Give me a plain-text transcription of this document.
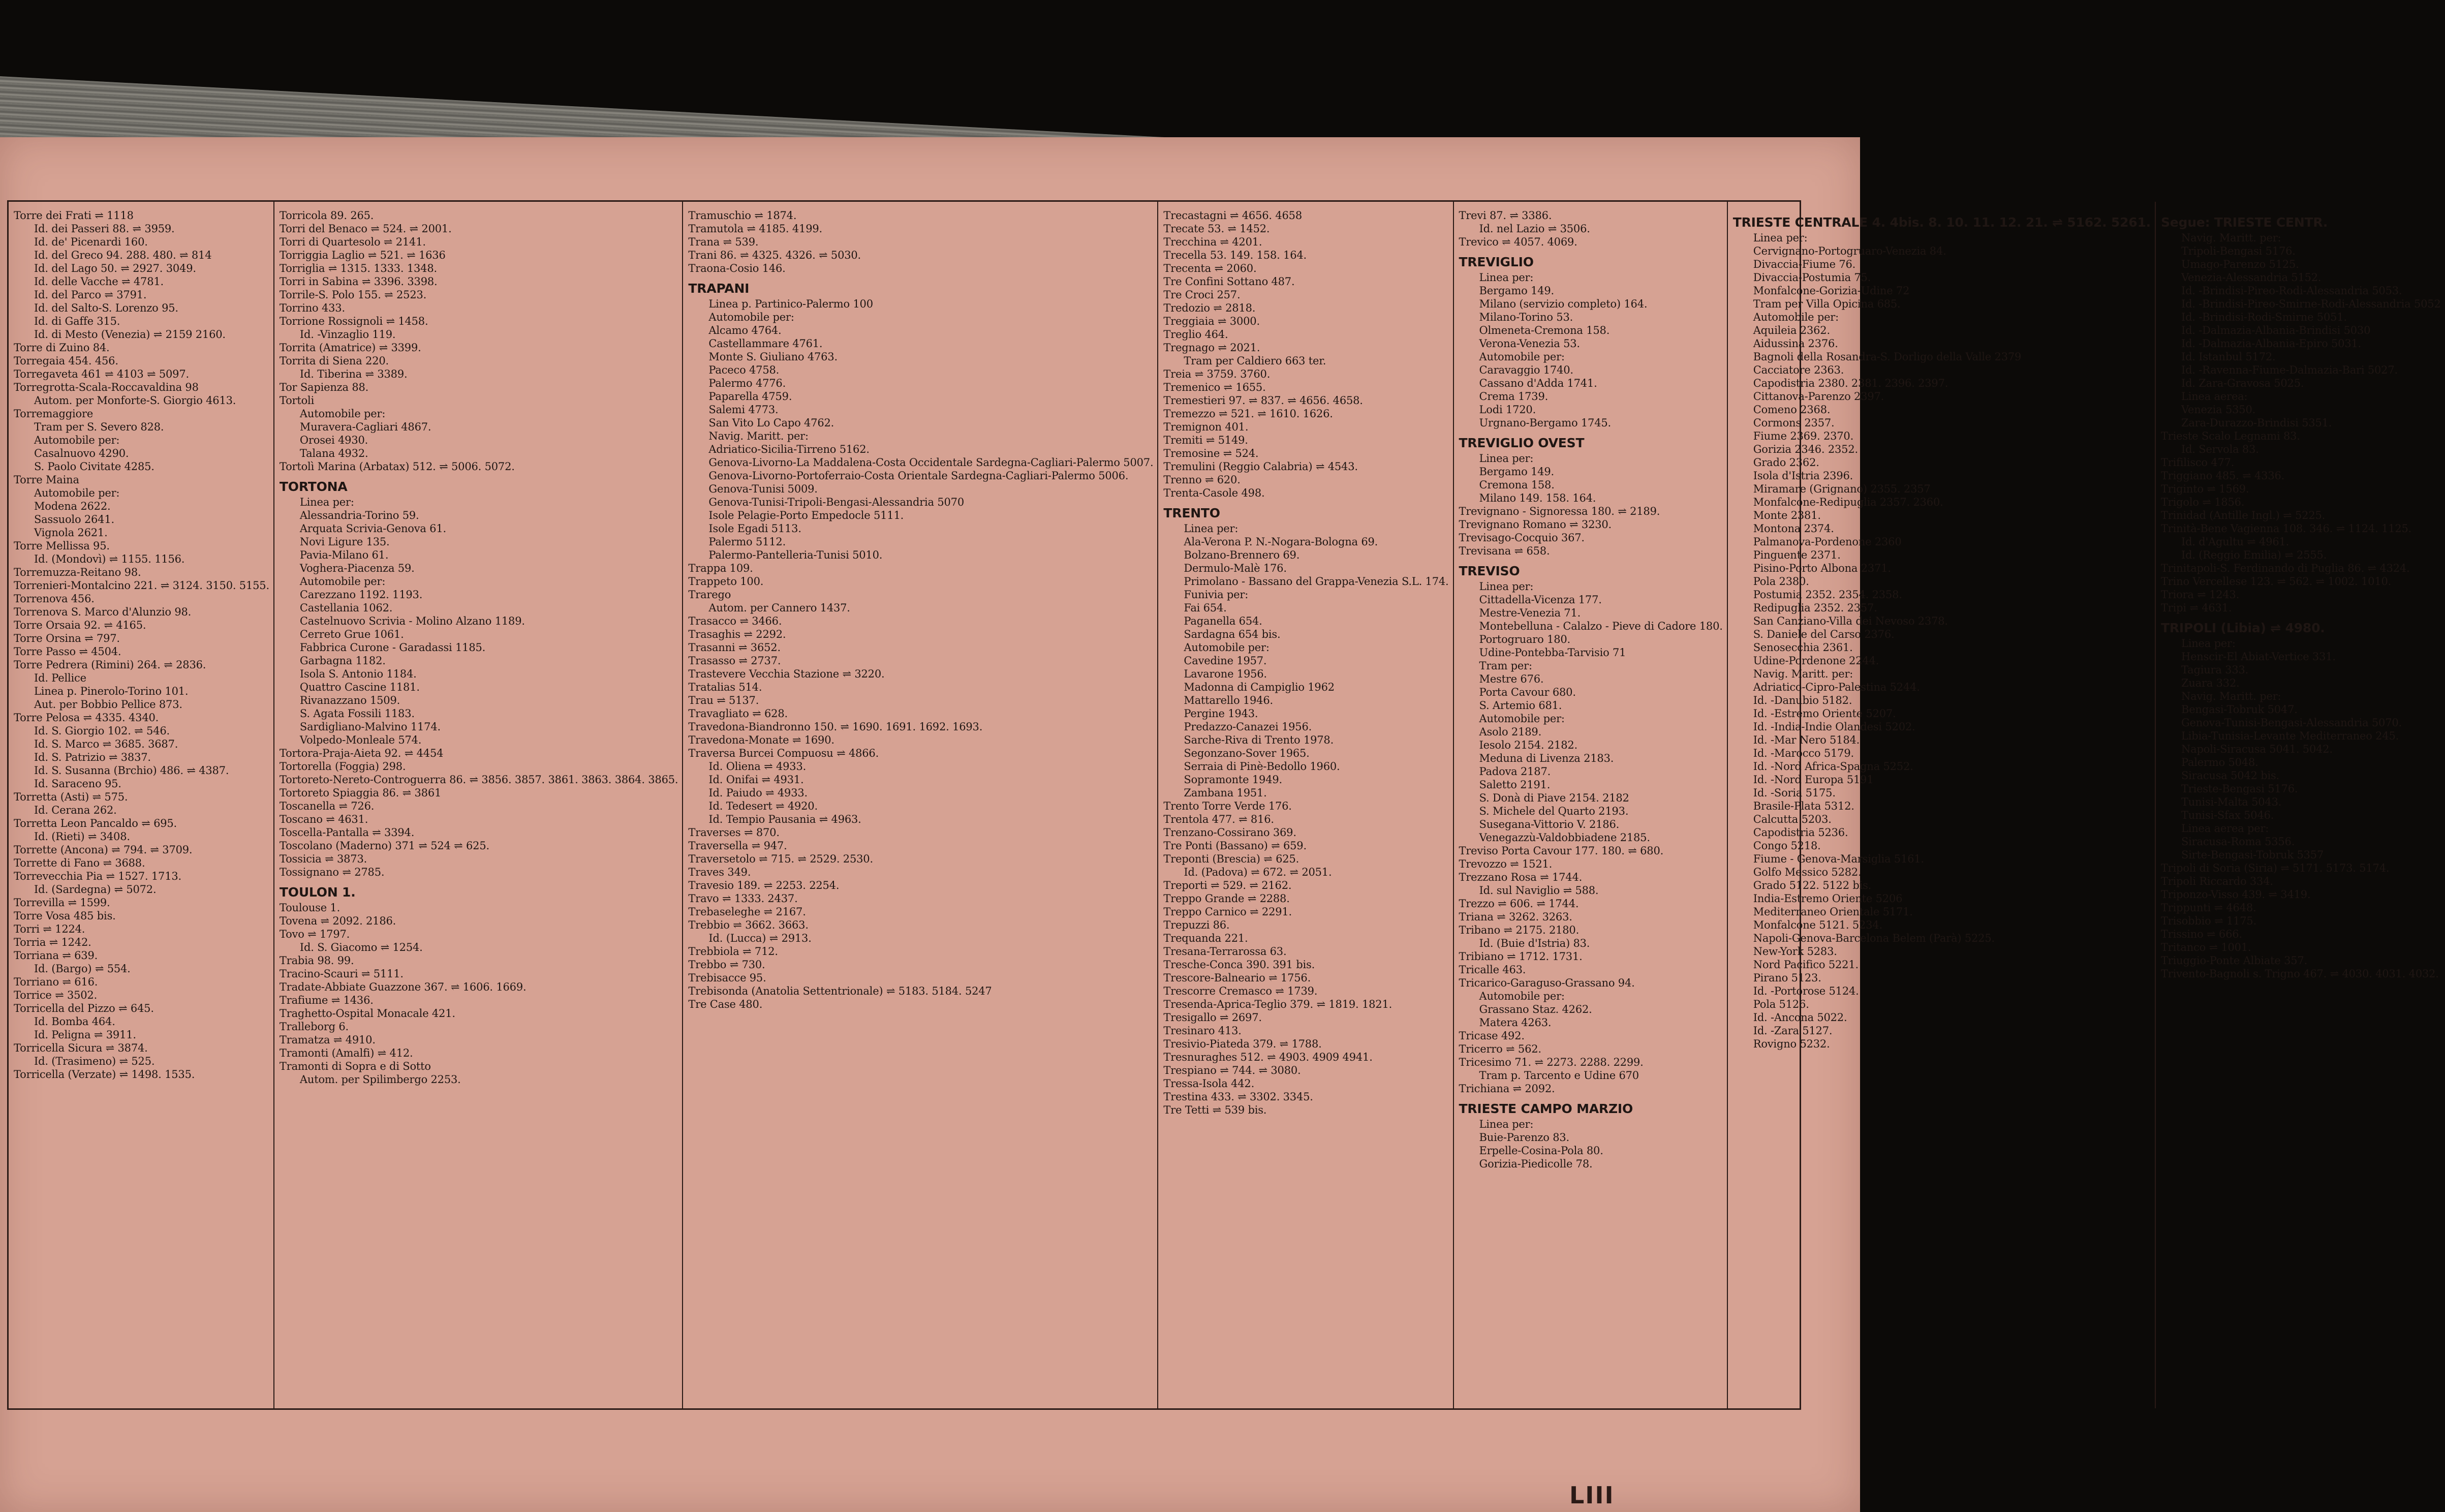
Torre dei Frati ⇌ 1118

Id. dei Passeri 88. ⇌ 3959.

Id. de' Picenardi 160.

Id. del Greco 94. 288. 480. ⇌ 814

Id. del Lago 50. ⇌ 2927. 3049.

Id. delle Vacche ⇌ 4781.

Id. del Parco ⇌ 3791.

Id. del Salto-S. Lorenzo 95.

Id. di Gaffe 315.

Id. di Mesto (Venezia) ⇌ 2159 2160.

Torre di Zuino 84.

Torregaia 454. 456.

Torregaveta 461 ⇌ 4103 ⇌ 5097.

Torregrotta-Scala-Roccavaldina 98

Autom. per Monforte-S. Giorgio 4613.

Torremaggiore

Tram per S. Severo 828.

Automobile per:

Casalnuovo 4290.

S. Paolo Civitate 4285.

Torre Maina

Automobile per:

Modena 2622.

Sassuolo 2641.

Vignola 2621.

Torre Mellissa 95.

Id. (Mondovì) ⇌ 1155. 1156.

Torremuzza-Reitano 98.

Torrenieri-Montalcino 221. ⇌ 3124. 3150. 5155.

Torrenova 456.

Torrenova S. Marco d'Alunzio 98.

Torre Orsaia 92. ⇌ 4165.

Torre Orsina ⇌ 797.

Torre Passo ⇌ 4504.

Torre Pedrera (Rimini) 264. ⇌ 2836.

Id. Pellice

Linea p. Pinerolo-Torino 101.

Aut. per Bobbio Pellice 873.

Torre Pelosa ⇌ 4335. 4340.

Id. S. Giorgio 102. ⇌ 546.

Id. S. Marco ⇌ 3685. 3687.

Id. S. Patrizio ⇌ 3837.

Id. S. Susanna (Brchio) 486. ⇌ 4387.

Id. Saraceno 95.

Torretta (Asti) ⇌ 575.

Id. Cerana 262.

Torretta Leon Pancaldo ⇌ 695.

Id. (Rieti) ⇌ 3408.

Torrette (Ancona) ⇌ 794. ⇌ 3709.

Torrette di Fano ⇌ 3688.

Torrevecchia Pia ⇌ 1527. 1713.

Id. (Sardegna) ⇌ 5072.

Torrevilla ⇌ 1599.

Torre Vosa 485 bis.

Torri ⇌ 1224.

Torria ⇌ 1242.

Torriana ⇌ 639.

Id. (Bargo) ⇌ 554.

Torriano ⇌ 616.

Torrice ⇌ 3502.

Torricella del Pizzo ⇌ 645.

Id. Bomba 464.

Id. Peligna ⇌ 3911.

Torricella Sicura ⇌ 3874.

Id. (Trasimeno) ⇌ 525.

Torricella (Verzate) ⇌ 1498. 1535.

Torricola 89. 265.

Torri del Benaco ⇌ 524. ⇌ 2001.

Torri di Quartesolo ⇌ 2141.

Torriggia Laglio ⇌ 521. ⇌ 1636

Torriglia ⇌ 1315. 1333. 1348.

Torri in Sabina ⇌ 3396. 3398.

Torrile-S. Polo 155. ⇌ 2523.

Torrino 433.

Torrione Rossignoli ⇌ 1458.

Id. -Vinzaglio 119.

Torrita (Amatrice) ⇌ 3399.

Torrita di Siena 220.

Id. Tiberina ⇌ 3389.

Tor Sapienza 88.

Tortoli

Automobile per:

Muravera-Cagliari 4867.

Orosei 4930.

Talana 4932.

Tortolì Marina (Arbatax) 512. ⇌ 5006. 5072.

TORTONA

Linea per:

Alessandria-Torino 59.

Arquata Scrivia-Genova 61.

Novi Ligure 135.

Pavia-Milano 61.

Voghera-Piacenza 59.

Automobile per:

Carezzano 1192. 1193.

Castellania 1062.

Castelnuovo Scrivia - Molino Alzano 1189.

Cerreto Grue 1061.

Fabbrica Curone - Garadassi 1185.

Garbagna 1182.

Isola S. Antonio 1184.

Quattro Cascine 1181.

Rivanazzano 1509.

S. Agata Fossili 1183.

Sardigliano-Malvino 1174.

Volpedo-Monleale 574.

Tortora-Praja-Aieta 92. ⇌ 4454

Tortorella (Foggia) 298.

Tortoreto-Nereto-Controguerra 86. ⇌ 3856. 3857. 3861. 3863. 3864. 3865.

Tortoreto Spiaggia 86. ⇌ 3861

Toscanella ⇌ 726.

Toscano ⇌ 4631.

Toscella-Pantalla ⇌ 3394.

Toscolano (Maderno) 371 ⇌ 524 ⇌ 625.

Tossicia ⇌ 3873.

Tossignano ⇌ 2785.

TOULON 1.

Toulouse 1.

Tovena ⇌ 2092. 2186.

Tovo ⇌ 1797.

Id. S. Giacomo ⇌ 1254.

Trabia 98. 99.

Tracino-Scauri ⇌ 5111.

Tradate-Abbiate Guazzone 367. ⇌ 1606. 1669.

Trafiume ⇌ 1436.

Traghetto-Ospital Monacale 421.

Tralleborg 6.

Tramatza ⇌ 4910.

Tramonti (Amalfi) ⇌ 412.

Tramonti di Sopra e di Sotto

Autom. per Spilimbergo 2253.

Tramuschio ⇌ 1874.

Tramutola ⇌ 4185. 4199.

Trana ⇌ 539.

Trani 86. ⇌ 4325. 4326. ⇌ 5030.

Traona-Cosio 146.

TRAPANI

Linea p. Partinico-Palermo 100

Automobile per:

Alcamo 4764.

Castellammare 4761.

Monte S. Giuliano 4763.

Paceco 4758.

Palermo 4776.

Paparella 4759.

Salemi 4773.

San Vito Lo Capo 4762.

Navig. Maritt. per:

Adriatico-Sicilia-Tirreno 5162.

Genova-Livorno-La Maddalena-Costa Occidentale Sardegna-Cagliari-Palermo 5007.

Genova-Livorno-Portoferraio-Costa Orientale Sardegna-Cagliari-Palermo 5006.

Genova-Tunisi 5009.

Genova-Tunisi-Tripoli-Bengasi-Alessandria 5070

Isole Pelagie-Porto Empedocle 5111.

Isole Egadi 5113.

Palermo 5112.

Palermo-Pantelleria-Tunisi 5010.

Trappa 109.

Trappeto 100.

Trarego

Autom. per Cannero 1437.

Trasacco ⇌ 3466.

Trasaghis ⇌ 2292.

Trasanni ⇌ 3652.

Trasasso ⇌ 2737.

Trastevere Vecchia Stazione ⇌ 3220.

Tratalias 514.

Trau ⇌ 5137.

Travagliato ⇌ 628.

Travedona-Biandronno 150. ⇌ 1690. 1691. 1692. 1693.

Travedona-Monate ⇌ 1690.

Traversa Burcei Compuosu ⇌ 4866.

Id. Oliena ⇌ 4933.

Id. Onifai ⇌ 4931.

Id. Paiudo ⇌ 4933.

Id. Tedesert ⇌ 4920.

Id. Tempio Pausania ⇌ 4963.

Traverses ⇌ 870.

Traversella ⇌ 947.

Traversetolo ⇌ 715. ⇌ 2529. 2530.

Traves 349.

Travesio 189. ⇌ 2253. 2254.

Travo ⇌ 1333. 2437.

Trebaseleghe ⇌ 2167.

Trebbio ⇌ 3662. 3663.

Id. (Lucca) ⇌ 2913.

Trebbiola ⇌ 712.

Trebbo ⇌ 730.

Trebisacce 95.

Trebisonda (Anatolia Settentrionale) ⇌ 5183. 5184. 5247

Tre Case 480.

Trecastagni ⇌ 4656. 4658

Trecate 53. ⇌ 1452.

Trecchina ⇌ 4201.

Trecella 53. 149. 158. 164.

Trecenta ⇌ 2060.

Tre Confini Sottano 487.

Tre Croci 257.

Tredozio ⇌ 2818.

Treggiaia ⇌ 3000.

Treglio 464.

Tregnago ⇌ 2021.

Tram per Caldiero 663 ter.

Treia ⇌ 3759. 3760.

Tremenico ⇌ 1655.

Tremestieri 97. ⇌ 837. ⇌ 4656. 4658.

Tremezzo ⇌ 521. ⇌ 1610. 1626.

Tremignon 401.

Tremiti ⇌ 5149.

Tremosine ⇌ 524.

Tremulini (Reggio Calabria) ⇌ 4543.

Trenno ⇌ 620.

Trenta-Casole 498.

TRENTO

Linea per:

Ala-Verona P. N.-Nogara-Bologna 69.

Bolzano-Brennero 69.

Dermulo-Malè 176.

Primolano - Bassano del Grappa-Venezia S.L. 174.

Funivia per:

Fai 654.

Paganella 654.

Sardagna 654 bis.

Automobile per:

Cavedine 1957.

Lavarone 1956.

Madonna di Campiglio 1962

Mattarello 1946.

Pergine 1943.

Predazzo-Canazei 1956.

Sarche-Riva di Trento 1978.

Segonzano-Sover 1965.

Serraia di Pinè-Bedollo 1960.

Sopramonte 1949.

Zambana 1951.

Trento Torre Verde 176.

Trentola 477. ⇌ 816.

Trenzano-Cossirano 369.

Tre Ponti (Bassano) ⇌ 659.

Treponti (Brescia) ⇌ 625.

Id. (Padova) ⇌ 672. ⇌ 2051.

Treporti ⇌ 529. ⇌ 2162.

Treppo Grande ⇌ 2288.

Treppo Carnico ⇌ 2291.

Trepuzzi 86.

Trequanda 221.

Tresana-Terrarossa 63.

Tresche-Conca 390. 391 bis.

Trescore-Balneario ⇌ 1756.

Trescorre Cremasco ⇌ 1739.

Tresenda-Aprica-Teglio 379. ⇌ 1819. 1821.

Tresigallo ⇌ 2697.

Tresinaro 413.

Tresivio-Piateda 379. ⇌ 1788.

Tresnuraghes 512. ⇌ 4903. 4909 4941.

Trespiano ⇌ 744. ⇌ 3080.

Tressa-Isola 442.

Trestina 433. ⇌ 3302. 3345.

Tre Tetti ⇌ 539 bis.

Trevi 87. ⇌ 3386.

Id. nel Lazio ⇌ 3506.

Trevico ⇌ 4057. 4069.

TREVIGLIO

Linea per:

Bergamo 149.

Milano (servizio completo) 164.

Milano-Torino 53.

Olmeneta-Cremona 158.

Verona-Venezia 53.

Automobile per:

Caravaggio 1740.

Cassano d'Adda 1741.

Crema 1739.

Lodi 1720.

Urgnano-Bergamo 1745.

TREVIGLIO OVEST

Linea per:

Bergamo 149.

Cremona 158.

Milano 149. 158. 164.

Trevignano - Signoressa 180. ⇌ 2189.

Trevignano Romano ⇌ 3230.

Trevisago-Cocquio 367.

Trevisana ⇌ 658.

TREVISO

Linea per:

Cittadella-Vicenza 177.

Mestre-Venezia 71.

Montebelluna - Calalzo - Pieve di Cadore 180.

Portogruaro 180.

Udine-Pontebba-Tarvisio 71

Tram per:

Mestre 676.

Porta Cavour 680.

S. Artemio 681.

Automobile per:

Asolo 2189.

Iesolo 2154. 2182.

Meduna di Livenza 2183.

Padova 2187.

Saletto 2191.

S. Donà di Piave 2154. 2182

S. Michele del Quarto 2193.

Susegana-Vittorio V. 2186.

Venegazzù-Valdobbiadene 2185.

Treviso Porta Cavour 177. 180. ⇌ 680.

Trevozzo ⇌ 1521.

Trezzano Rosa ⇌ 1744.

Id. sul Naviglio ⇌ 588.

Trezzo ⇌ 606. ⇌ 1744.

Triana ⇌ 3262. 3263.

Tribano ⇌ 2175. 2180.

Id. (Buie d'Istria) 83.

Tribiano ⇌ 1712. 1731.

Tricalle 463.

Tricarico-Garaguso-Grassano 94.

Automobile per:

Grassano Staz. 4262.

Matera 4263.

Tricase 492.

Tricerro ⇌ 562.

Tricesimo 71. ⇌ 2273. 2288. 2299.

Tram p. Tarcento e Udine 670

Trichiana ⇌ 2092.

TRIESTE CAMPO MARZIO

Linea per:

Buie-Parenzo 83.

Erpelle-Cosina-Pola 80.

Gorizia-Piedicolle 78.

TRIESTE CENTRALE 4. 4bis. 8. 10. 11. 12. 21. ⇌ 5162. 5261.

Linea per:

Cervignano-Portogruaro-Venezia 84.

Divaccia-Fiume 76.

Divaccia-Postumia 75.

Monfalcone-Gorizia-Udine 72

Tram per Villa Opicina 685.

Automobile per:

Aquileia 2362.

Aidussina 2376.

Bagnoli della Rosandra-S. Dorligo della Valle 2379

Cacciatore 2363.

Capodistria 2380. 2381. 2396. 2397.

Cittanova-Parenzo 2397.

Comeno 2368.

Cormons 2357.

Fiume 2369. 2370.

Gorizia 2346. 2352.

Grado 2362.

Isola d'Istria 2396.

Miramare (Grignano) 2355. 2357

Monfalcone-Redipuglia 2357. 2360.

Monte 2381.

Montona 2374.

Palmanova-Pordenone 2360

Pinguente 2371.

Pisino-Porto Albona 2371.

Pola 2380.

Postumia 2352. 2354. 2358.

Redipuglia 2352. 2357.

San Canziano-Villa dei Nevoso 2378.

S. Daniele del Carso 2376.

Senosecchia 2361.

Udine-Pordenone 2244.

Navig. Maritt. per:

Adriatico-Cipro-Palestina 5244.

Id. -Danubio 5182.

Id. -Estremo Oriente 5207.

Id. -India-Indie Olandesi 5202.

Id. -Mar Nero 5184.

Id. -Marocco 5179.

Id. -Nord Africa-Spagna 5252.

Id. -Nord Europa 5191

Id. -Soria 5175.

Brasile-Plata 5312.

Calcutta 5203.

Capodistria 5236.

Congo 5218.

Fiume - Genova-Marsiglia 5161.

Golfo Messico 5282.

Grado 5122. 5122 bis.

India-Estremo Oriente 5206

Mediterraneo Orientale 5171.

Monfalcone 5121. 5234.

Napoli-Genova-Barcelona Belem (Parà) 5225.

New-York 5283.

Nord Pacifico 5221.

Pirano 5123.

Id. -Portorose 5124.

Pola 5126.

Id. -Ancona 5022.

Id. -Zara 5127.

Rovigno 5232.

Segue: TRIESTE CENTR.

Navig. Maritt. per:

Tripoli-Bengasi 5176.

Umago-Parenzo 5125.

Venezia-Alessandria 5152.

Id. -Brindisi-Pireo-Rodi-Alessandria 5053.

Id. -Brindisi-Pireo-Smirne-Rodi-Alessandria 5052

Id. -Brindisi-Rodi-Smirne 5051.

Id. -Dalmazia-Albania-Brindisi 5030

Id. -Dalmazia-Albania-Epiro 5031.

Id. Istanbul 5172.

Id. -Ravenna-Fiume-Dalmazia-Bari 5027.

Id. Zara-Gravosa 5025.

Linea aerea:

Venezia 5350.

Zara-Durazzo-Brindisi 5351.

Trieste Scalo Legnami 83.

Id. Servola 83.

Trifilisco 477.

Triggiano 485. ⇌ 4336.

Triginto ⇌ 1569.

Trigolo ⇌ 1856.

Trinidad (Antille Ingl.) ⇌ 5225.

Trinità-Bene Vagienna 108. 346. ⇌ 1124. 1125.

Id. d'Agultu ⇌ 4961.

Id. (Reggio Emilia) ⇌ 2555.

Trinitapoli-S. Ferdinando di Puglia 86. ⇌ 4324.

Trino Vercellese 123. ⇌ 562. ⇌ 1002. 1010.

Triora ⇌ 1243.

Tripi ⇌ 4631.

TRIPOLI (Libia) ⇌ 4980.

Linea per:

Henscir-El Abiat-Vertice 331.

Tagiura 333.

Zuara 332.

Navig. Maritt. per:

Bengasi-Tobruk 5047.

Genova-Tunisi-Bengasi-Alessandria 5070.

Libia-Tunisia-Levante Mediterraneo 245.

Napoli-Siracusa 5041. 5042.

Palermo 5048.

Siracusa 5042 bis.

Trieste-Bengasi 5176.

Tunisi-Malta 5043.

Tunisi-Sfax 5046.

Linea aerea per:

Siracusa-Roma 5356.

Sirte-Bengasi-Tobruk 5357

Tripoli di Soria (Siria) ⇌ 5171. 5173. 5174.

Tripoli Riccardo 334.

Triponzo-Visso 439. ⇌ 3419.

Trippunti ⇌ 4648.

Trisobbio ⇌ 1175.

Trissino ⇌ 666.

Tritanco ⇌ 1001.

Triuggio-Ponte Albiate 357.

Trivento-Bagnoli s. Trigno 467. ⇌ 4030. 4031. 4032.

LIII
